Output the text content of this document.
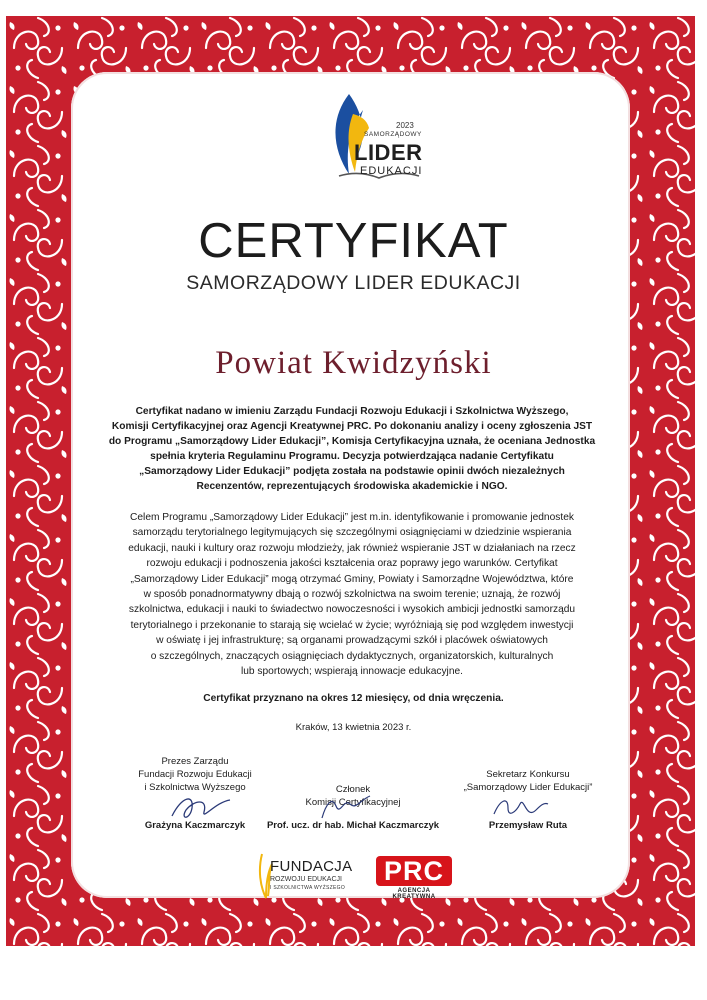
2023
SAMORZĄDOWY
LIDER
EDUKACJI
CERTYFIKAT
SAMORZĄDOWY LIDER EDUKACJI
Powiat Kwidzyński
Certyfikat nadano w imieniu Zarządu Fundacji Rozwoju Edukacji i Szkolnictwa Wyższego,
Komisji Certyfikacyjnej oraz Agencji Kreatywnej PRC. Po dokonaniu analizy i oceny zgłoszenia JST
do Programu „Samorządowy Lider Edukacji”, Komisja Certyfikacyjna uznała, że oceniana Jednostka
spełnia kryteria Regulaminu Programu. Decyzja potwierdzająca nadanie Certyfikatu
„Samorządowy Lider Edukacji” podjęta została na podstawie opinii dwóch niezależnych
Recenzentów, reprezentujących środowiska akademickie i NGO.
Celem Programu „Samorządowy Lider Edukacji” jest m.in. identyfikowanie i promowanie jednostek
samorządu terytorialnego legitymujących się szczególnymi osiągnięciami w dziedzinie wspierania
edukacji, nauki i kultury oraz rozwoju młodzieży, jak również wspieranie JST w działaniach na rzecz
rozwoju edukacji i podnoszenia jakości kształcenia oraz poprawy jego warunków. Certyfikat
„Samorządowy Lider Edukacji” mogą otrzymać Gminy, Powiaty i Samorządne Województwa, które
w sposób ponadnormatywny dbają o rozwój szkolnictwa na swoim terenie; uznają, że rozwój
szkolnictwa, edukacji i nauki to świadectwo nowoczesności i wysokich ambicji jednostki samorządu
terytorialnego i przekonanie to starają się wcielać w życie; wyróżniają się pod względem inwestycji
w oświatę i jej infrastrukturę; są organami prowadzącymi szkół i placówek oświatowych
o szczególnych, znaczących osiągnięciach dydaktycznych, organizatorskich, kulturalnych
lub sportowych; wspierają innowacje edukacyjne.
Certyfikat przyznano na okres 12 miesięcy, od dnia wręczenia.
Kraków, 13 kwietnia 2023 r.
Prezes Zarządu
Fundacji Rozwoju Edukacji
i Szkolnictwa Wyższego
Grażyna Kaczmarczyk
Członek
Komisji Certyfikacyjnej
Prof. ucz. dr hab. Michał Kaczmarczyk
Sekretarz Konkursu
„Samorządowy Lider Edukacji”
Przemysław Ruta
FUNDACJA
ROZWOJU EDUKACJI
I SZKOLNICTWA WYŻSZEGO
PRC
AGENCJA KREATYWNA
